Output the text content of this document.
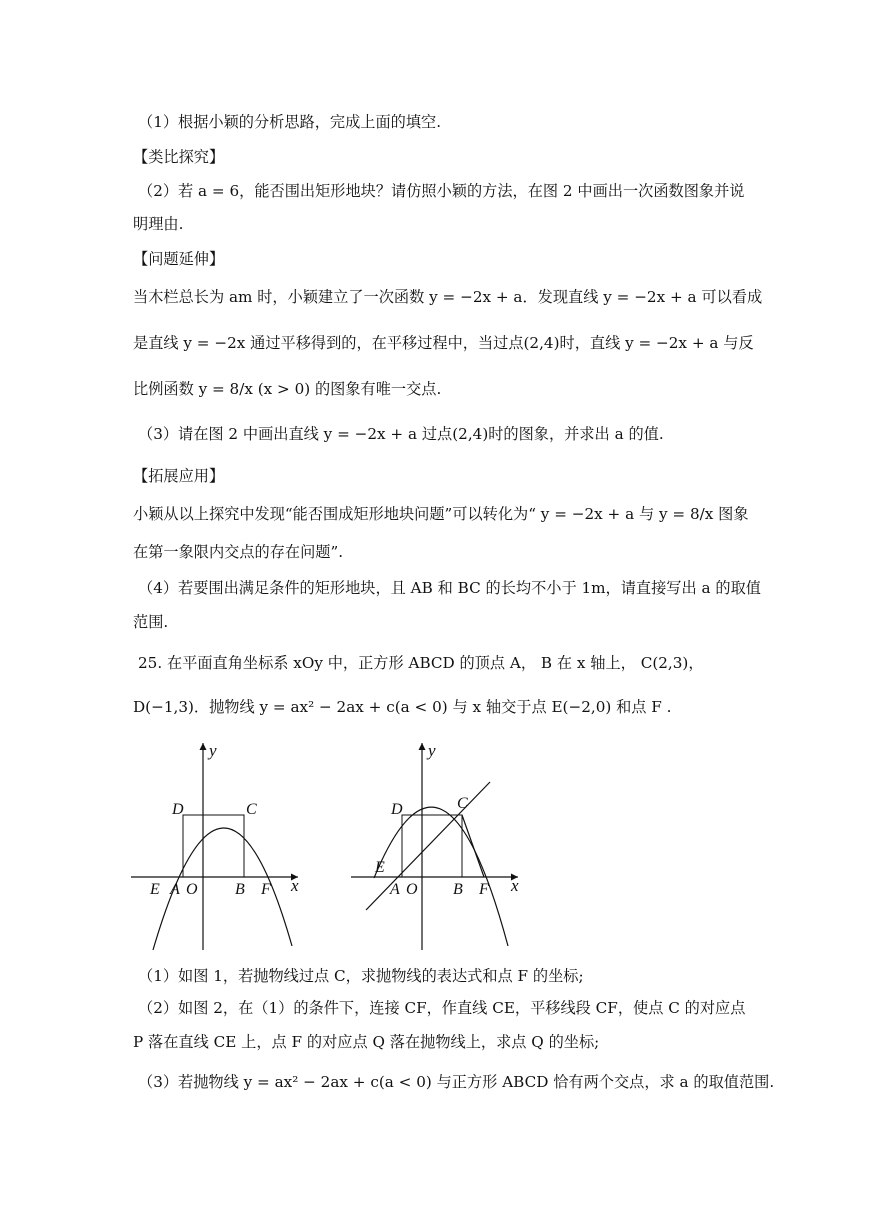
（1）根据小颖的分析思路，完成上面的填空.
【类比探究】
（2）若 a = 6，能否围出矩形地块？请仿照小颖的方法，在图 2 中画出一次函数图象并说
明理由.
【问题延伸】
当木栏总长为 am 时，小颖建立了一次函数 y = −2x + a．发现直线 y = −2x + a 可以看成
是直线 y = −2x 通过平移得到的，在平移过程中，当过点(2,4)时，直线 y = −2x + a 与反
比例函数 y = 8/x (x > 0) 的图象有唯一交点.
（3）请在图 2 中画出直线 y = −2x + a 过点(2,4)时的图象，并求出 a 的值.
【拓展应用】
小颖从以上探究中发现“能否围成矩形地块问题”可以转化为“ y = −2x + a 与 y = 8/x 图象
在第一象限内交点的存在问题”.
（4）若要围出满足条件的矩形地块，且 AB 和 BC 的长均不小于 1m，请直接写出 a 的取值
范围.
25. 在平面直角坐标系 xOy 中，正方形 ABCD 的顶点 A， B 在 x 轴上， C(2,3)，
D(−1,3)．抛物线 y = ax² − 2ax + c(a < 0) 与 x 轴交于点 E(−2,0) 和点 F .
y
x
D	C
E A O B F
y
x
D	C
E
A O B F
（1）如图 1，若抛物线过点 C，求抛物线的表达式和点 F 的坐标;
（2）如图 2，在（1）的条件下，连接 CF，作直线 CE，平移线段 CF，使点 C 的对应点
P 落在直线 CE 上，点 F 的对应点 Q 落在抛物线上，求点 Q 的坐标;
（3）若抛物线 y = ax² − 2ax + c(a < 0) 与正方形 ABCD 恰有两个交点，求 a 的取值范围.
